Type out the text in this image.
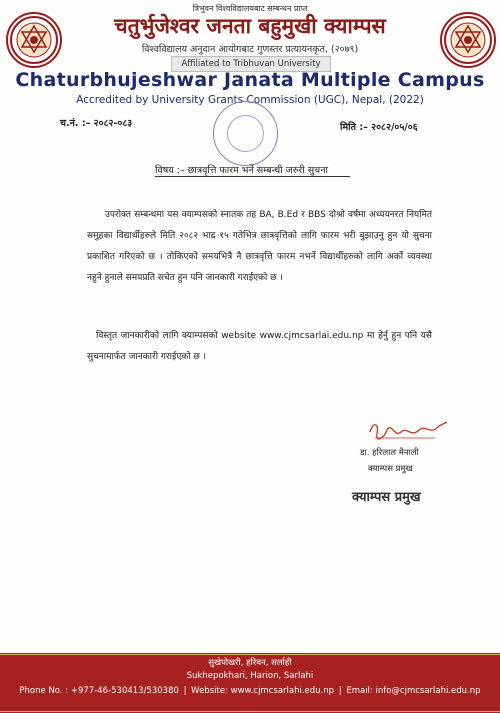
त्रिभुवन विश्वविद्यालयबाट सम्बन्धन प्राप्त
चतुर्भुजेश्वर जनता बहुमुखी क्याम्पस
विश्वविद्यालय अनुदान आयोगबाट गुणस्तर प्रत्यायनकृत, (२०७९)
Affiliated to Tribhuvan University
Chaturbhujeshwar Janata Multiple Campus
Accredited by University Grants Commission (UGC), Nepal, (2022)
च.नं. :– २०८२-०८३	मिति :– २०८२/०५/०६
विषय :– छात्रवृत्ति फारम भर्ने सम्बन्धी जरुरी सुचना
उपरोक्त सम्बन्धमा यस क्याम्पसको स्नातक तह BA, B.Ed र BBS दोश्रो वर्षमा अध्ययनरत नियमित समुहका विद्यार्थीहरुले मिति २०८२ भाद्र १५ गतेभित्र छात्रवृत्तिको लागि फारम भरी बुझाउनु हुन यो सुचना प्रकाशित गरिएको छ । तोकिएको समयभित्रै नै छात्रवृत्ति फारम नभर्ने विद्यार्थीहरुको लागि अर्को व्यवस्था नहुने हुनाले समयप्रति सचेत हुन पनि जानकारी गराईएको छ ।
विस्तृत जानकारीको लागि क्याम्पसको website www.cjmcsarlai.edu.np मा हेर्नु हुन पनि यसै सुचनामार्फत जानकारी गराईएको छ ।
डा. हरिलाल मैनाली
क्याम्पस प्रमुख
क्याम्पस प्रमुख
सुखेपोखरी, हरिवन, सर्लाही
Sukhepokhari, Harion, Sarlahi
Phone No. : +977-46-530413/530380 | Website: www.cjmcsarlahi.edu.np | Email: info@cjmcsarlahi.edu.np
